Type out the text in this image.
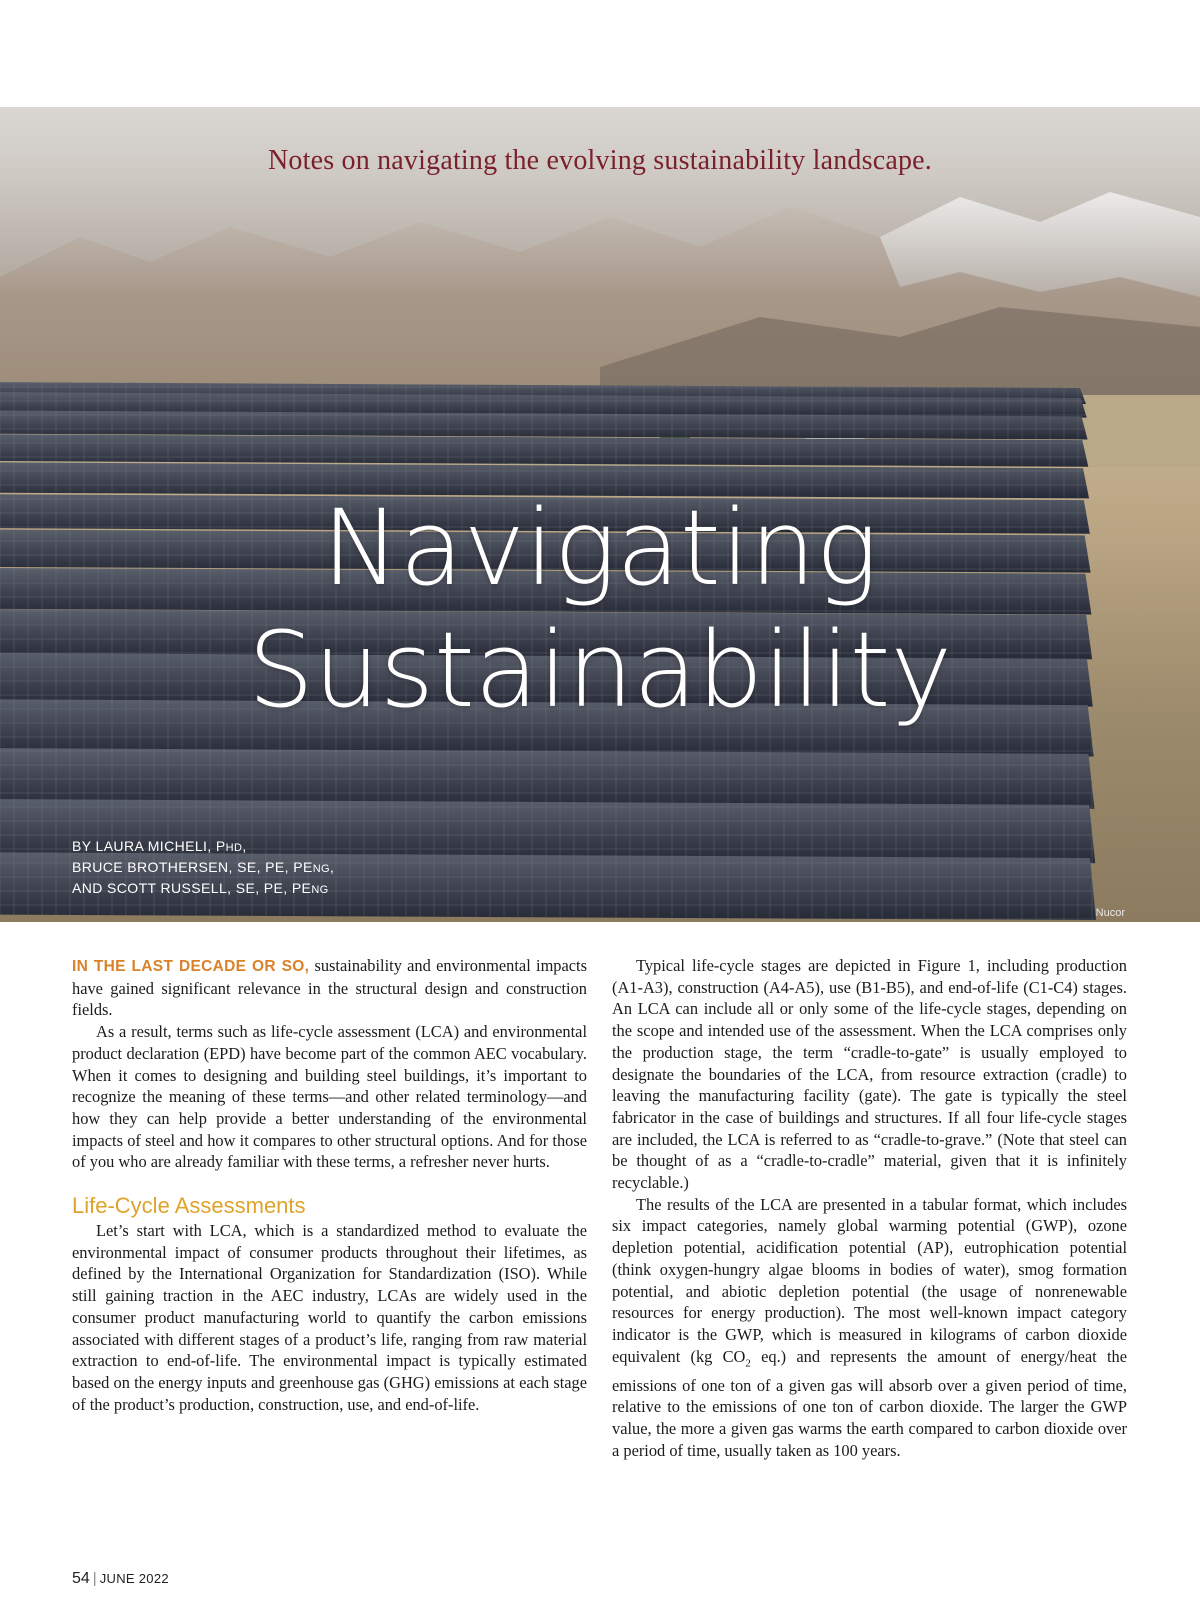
Notes on navigating the evolving sustainability landscape.
Navigating
Sustainability
BY LAURA MICHELI, PHD,
BRUCE BROTHERSEN, SE, PE, PENG,
AND SCOTT RUSSELL, SE, PE, PENG
Nucor

IN THE LAST DECADE OR SO, sustainability and environmental impacts have gained significant relevance in the structural design and construction fields.

As a result, terms such as life-cycle assessment (LCA) and environmental product declaration (EPD) have become part of the common AEC vocabulary. When it comes to designing and building steel buildings, it’s important to recognize the meaning of these terms—and other related terminology—and how they can help provide a better understanding of the environmental impacts of steel and how it compares to other structural options. And for those of you who are already familiar with these terms, a refresher never hurts.

Life-Cycle Assessments

Let’s start with LCA, which is a standardized method to evaluate the environmental impact of consumer products throughout their lifetimes, as defined by the International Organization for Standardization (ISO). While still gaining traction in the AEC industry, LCAs are widely used in the consumer product manufacturing world to quantify the carbon emissions associated with different stages of a product’s life, ranging from raw material extraction to end-of-life. The environmental impact is typically estimated based on the energy inputs and greenhouse gas (GHG) emissions at each stage of the product’s production, construction, use, and end-of-life.

Typical life-cycle stages are depicted in Figure 1, including production (A1-A3), construction (A4-A5), use (B1-B5), and end-of-life (C1-C4) stages. An LCA can include all or only some of the life-cycle stages, depending on the scope and intended use of the assessment. When the LCA comprises only the production stage, the term “cradle-to-gate” is usually employed to designate the boundaries of the LCA, from resource extraction (cradle) to leaving the manufacturing facility (gate). The gate is typically the steel fabricator in the case of buildings and structures. If all four life-cycle stages are included, the LCA is referred to as “cradle-to-grave.” (Note that steel can be thought of as a “cradle-to-cradle” material, given that it is infinitely recyclable.)

The results of the LCA are presented in a tabular format, which includes six impact categories, namely global warming potential (GWP), ozone depletion potential, acidification potential (AP), eutrophication potential (think oxygen-hungry algae blooms in bodies of water), smog formation potential, and abiotic depletion potential (the usage of nonrenewable resources for energy production). The most well-known impact category indicator is the GWP, which is measured in kilograms of carbon dioxide equivalent (kg $CO_2$ eq.) and represents the amount of energy/heat the emissions of one ton of a given gas will absorb over a given period of time, relative to the emissions of one ton of carbon dioxide. The larger the GWP value, the more a given gas warms the earth compared to carbon dioxide over a period of time, usually taken as 100 years.

54 | JUNE 2022
